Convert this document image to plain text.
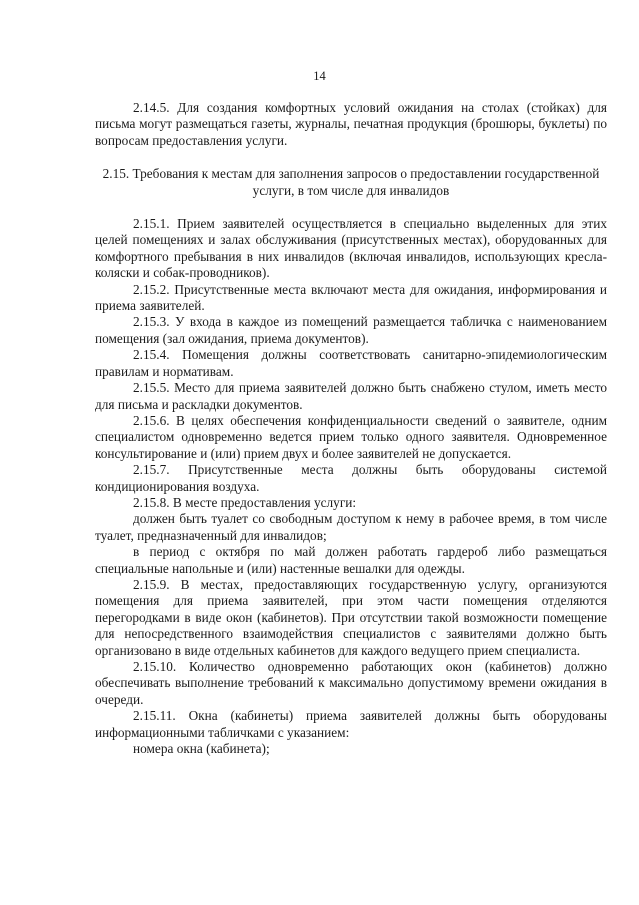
14

2.14.5. Для создания комфортных условий ожидания на столах (стойках) для письма могут размещаться газеты, журналы, печатная продукция (брошюры, буклеты) по вопросам предоставления услуги.

2.15. Требования к местам для заполнения запросов о предоставлении государственной услуги, в том числе для инвалидов

2.15.1. Прием заявителей осуществляется в специально выделенных для этих целей помещениях и залах обслуживания (присутственных местах), оборудованных для комфортного пребывания в них инвалидов (включая инвалидов, использующих кресла-коляски и собак-проводников).

2.15.2. Присутственные места включают места для ожидания, информирования и приема заявителей.

2.15.3. У входа в каждое из помещений размещается табличка с наименованием помещения (зал ожидания, приема документов).

2.15.4. Помещения должны соответствовать санитарно-эпидемиологическим правилам и нормативам.

2.15.5. Место для приема заявителей должно быть снабжено стулом, иметь место для письма и раскладки документов.

2.15.6. В целях обеспечения конфиденциальности сведений о заявителе, одним специалистом одновременно ведется прием только одного заявителя. Одновременное консультирование и (или) прием двух и более заявителей не допускается.

2.15.7. Присутственные места должны быть оборудованы системой кондиционирования воздуха.

2.15.8. В месте предоставления услуги:

должен быть туалет со свободным доступом к нему в рабочее время, в том числе туалет, предназначенный для инвалидов;

в период с октября по май должен работать гардероб либо размещаться специальные напольные и (или) настенные вешалки для одежды.

2.15.9. В местах, предоставляющих государственную услугу, организуются помещения для приема заявителей, при этом части помещения отделяются перегородками в виде окон (кабинетов). При отсутствии такой возможности помещение для непосредственного взаимодействия специалистов с заявителями должно быть организовано в виде отдельных кабинетов для каждого ведущего прием специалиста.

2.15.10. Количество одновременно работающих окон (кабинетов) должно обеспечивать выполнение требований к максимально допустимому времени ожидания в очереди.

2.15.11. Окна (кабинеты) приема заявителей должны быть оборудованы информационными табличками с указанием:

номера окна (кабинета);
